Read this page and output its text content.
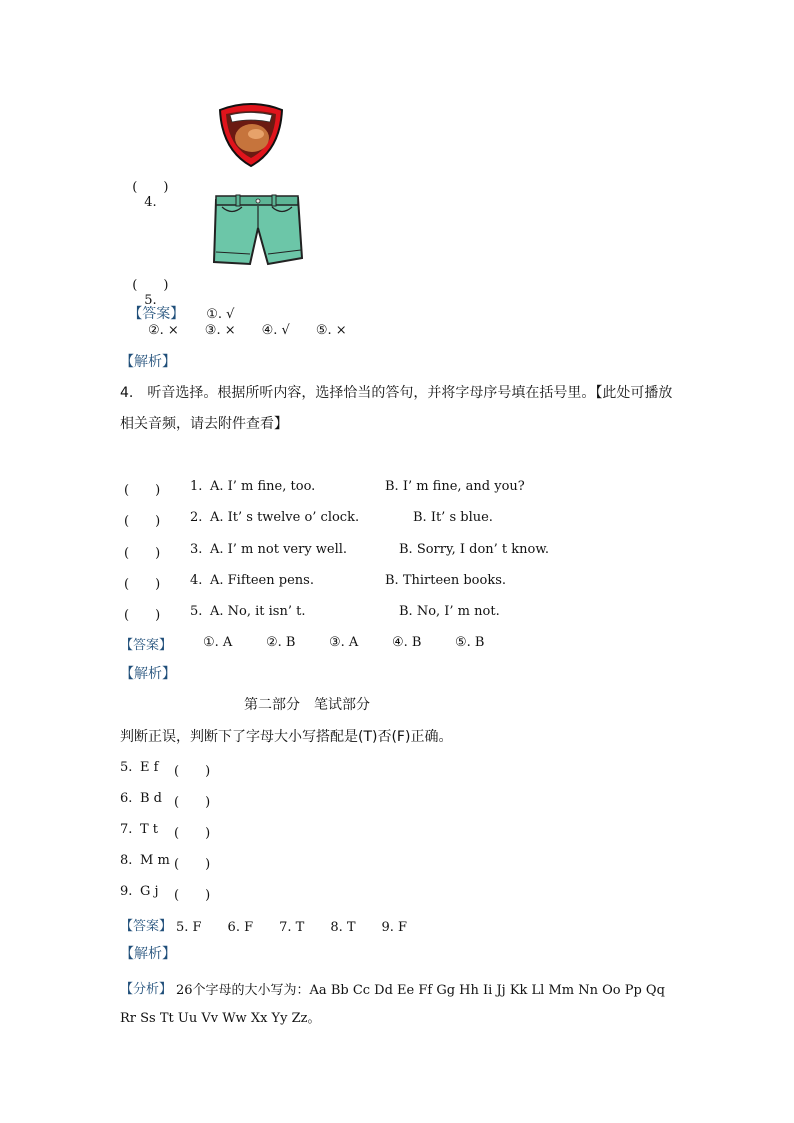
(　　)
4.

(　　)
5.

【答案】 ①. √

②. ×　　③. ×　　④. √　　⑤. ×
【解析】
4.　听音选择。根据所听内容，选择恰当的答句，并将字母序号填在括号里。【此处可播放
相关音频，请去附件查看】
(　　) 1. A. I’ m fine, too.	B. I’ m fine, and you?
(　　) 2. A. It’ s twelve o’ clock.	B. It’ s blue.
(　　) 3. A. I’ m not very well.	B. Sorry, I don’ t know.
(　　) 4. A. Fifteen pens.	B. Thirteen books.
(　　) 5. A. No, it isn’ t.	B. No, I’ m not.
【答案】 ①. A	②. B	③. A	④. B	⑤. B
【解析】
第二部分　笔试部分
判断正误，判断下了字母大小写搭配是(T)否(F)正确。
5. E f (　　)
6. B d (　　)
7. T t (　　)
8. M m (　　)
9. G j (　　)
【答案】 5. F　　6. F　　7. T　　8. T　　9. F
【解析】
【分析】 26个字母的大小写为：Aa Bb Cc Dd Ee Ff Gg Hh Ii Jj Kk Ll Mm Nn Oo Pp Qq
Rr Ss Tt Uu Vv Ww Xx Yy Zz。
